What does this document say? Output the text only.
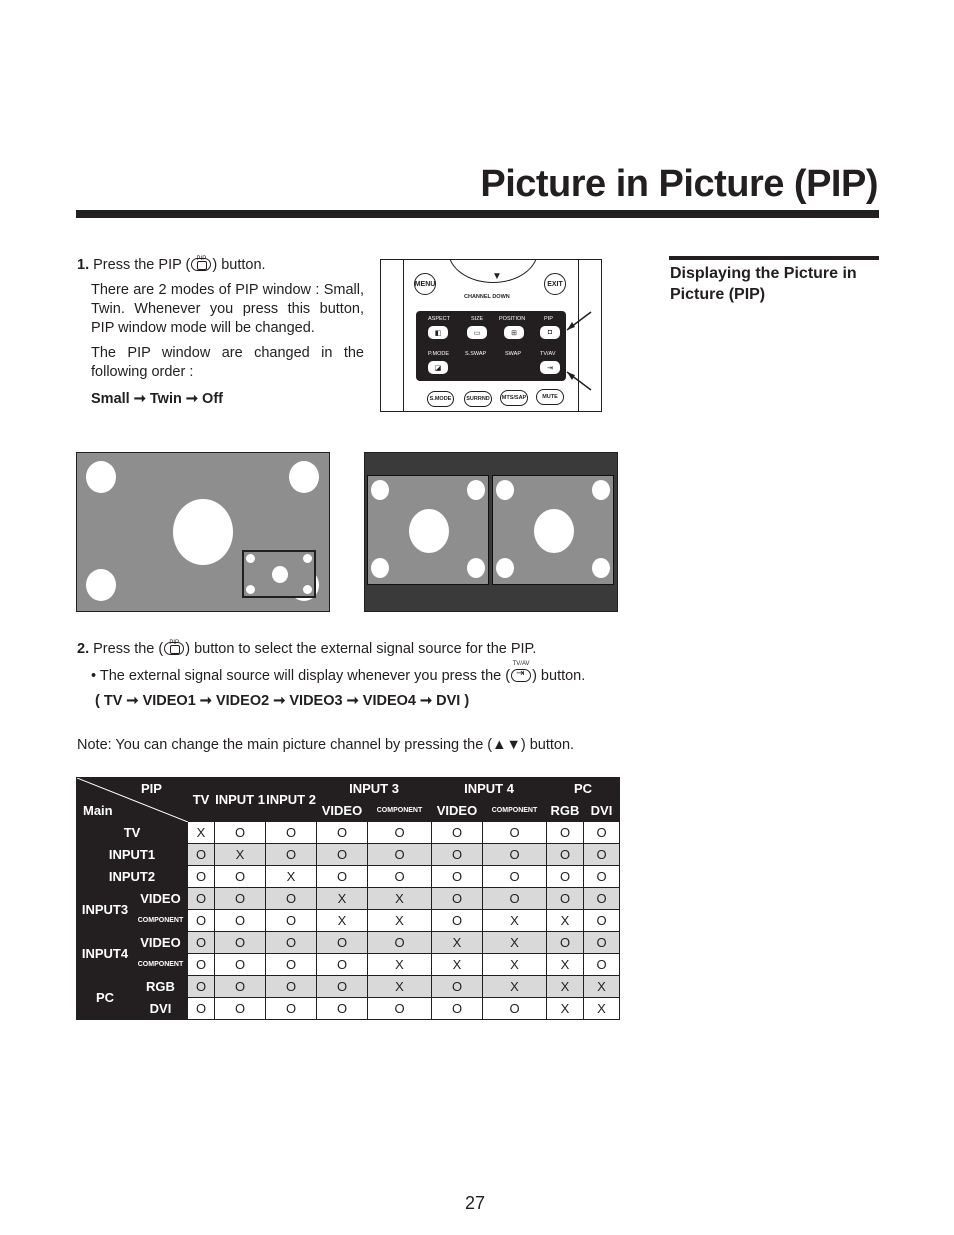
Picture in Picture (PIP)
Displaying the Picture in Picture (PIP)

1. Press the PIP (	PIP ) button.

There are 2 modes of PIP window : Small, Twin. Whenever you press this button, PIP window mode will be changed.

The PIP window are changed in the following order :

Small ➞ Twin ➞ Off

▼
MENU	EXIT
CHANNEL DOWN
ASPECT	SIZE	POSITION	PIP
◧	▭	⊞	◘
P.MODE	S.SWAP	SWAP	TV/AV
◪	⇥
S.MODE	SURRND	MTS/SAP	MUTE
2. Press the (	PIP ) button to select the external signal source for the PIP.
• The external signal source will display whenever you press the (
TV/AV
⇥) button.
( TV ➞ VIDEO1 ➞ VIDEO2 ➞ VIDEO3 ➞ VIDEO4 ➞ DVI )
Note: You can change the main picture channel by pressing the (▲▼) button.
PIP
Main		TV	INPUT 1	INPUT 2	INPUT 3		INPUT 4		PC	
					VIDEO	COMPONENT	VIDEO	COMPONENT	RGB	DVI
TV		X	O	O	O	O	O	O	O	O
INPUT1		O	X	O	O	O	O	O	O	O
INPUT2		O	O	X	O	O	O	O	O	O
INPUT3	VIDEO	O	O	O	X	X	O	O	O	O
	COMPONENT	O	O	O	X	X	O	X	X	O
INPUT4	VIDEO	O	O	O	O	O	X	X	O	O
	COMPONENT	O	O	O	O	X	X	X	X	O
PC	RGB	O	O	O	O	X	O	X	X	X
	DVI	O	O	O	O	O	O	O	X	X
27
